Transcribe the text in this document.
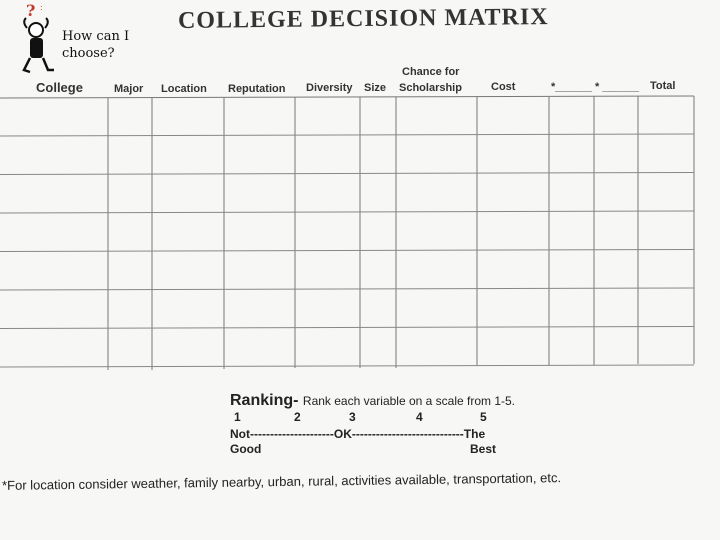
? :
How can I
choose?
COLLEGE DECISION MATRIX
College	Major Location Reputation Diversity Size
Chance for
Scholarship	Cost	*______ * ______ Total
Ranking- Rank each variable on a scale from 1-5.
1	2	3	4	5
Not---------------------OK----------------------------The
Good	Best
*For location consider weather, family nearby, urban, rural, activities available, transportation, etc.
